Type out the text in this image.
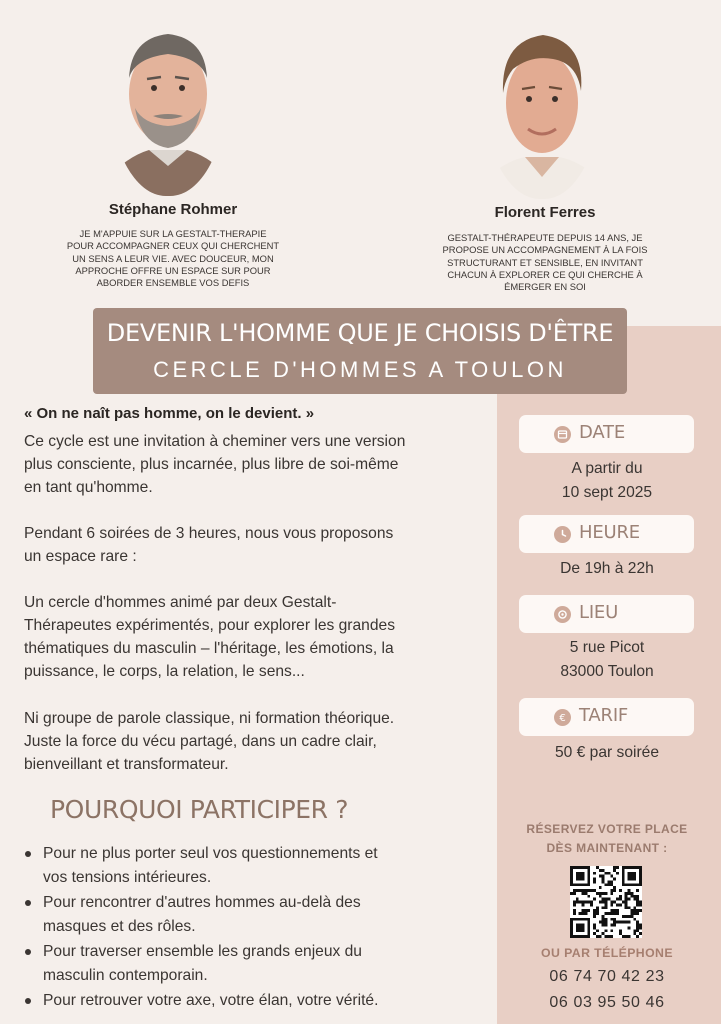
Stéphane Rohmer
JE M'APPUIE SUR LA GESTALT-THERAPIE
POUR ACCOMPAGNER CEUX QUI CHERCHENT
UN SENS A LEUR VIE. AVEC DOUCEUR, MON
APPROCHE OFFRE UN ESPACE SUR POUR
ABORDER ENSEMBLE VOS DEFIS
Florent Ferres
GESTALT-THÉRAPEUTE DEPUIS 14 ANS, JE
PROPOSE UN ACCOMPAGNEMENT À LA FOIS
STRUCTURANT ET SENSIBLE, EN INVITANT
CHACUN À EXPLORER CE QUI CHERCHE À
ÉMERGER EN SOI
DEVENIR L'HOMME QUE JE CHOISIS D'ÊTRE
CERCLE D'HOMMES A TOULON
« On ne naît pas homme, on le devient. »
Ce cycle est une invitation à cheminer vers une version
plus consciente, plus incarnée, plus libre de soi-même
en tant qu'homme.
Pendant 6 soirées de 3 heures, nous vous proposons
un espace rare :
Un cercle d'hommes animé par deux Gestalt-
Thérapeutes expérimentés, pour explorer les grandes
thématiques du masculin – l'héritage, les émotions, la
puissance, le corps, la relation, le sens...
Ni groupe de parole classique, ni formation théorique.
Juste la force du vécu partagé, dans un cadre clair,
bienveillant et transformateur.
POURQUOI PARTICIPER ?
Pour ne plus porter seul vos questionnements et
vos tensions intérieures.
Pour rencontrer d'autres hommes au-delà des
masques et des rôles.
Pour traverser ensemble les grands enjeux du
masculin contemporain.
Pour retrouver votre axe, votre élan, votre vérité.
DATE
A partir du
10 sept 2025
HEURE
De 19h à 22h
LIEU
5 rue Picot
83000 Toulon
€ TARIF
50 € par soirée
RÉSERVEZ VOTRE PLACE
DÈS MAINTENANT :
OU PAR TÉLÉPHONE
06 74 70 42 23
06 03 95 50 46
